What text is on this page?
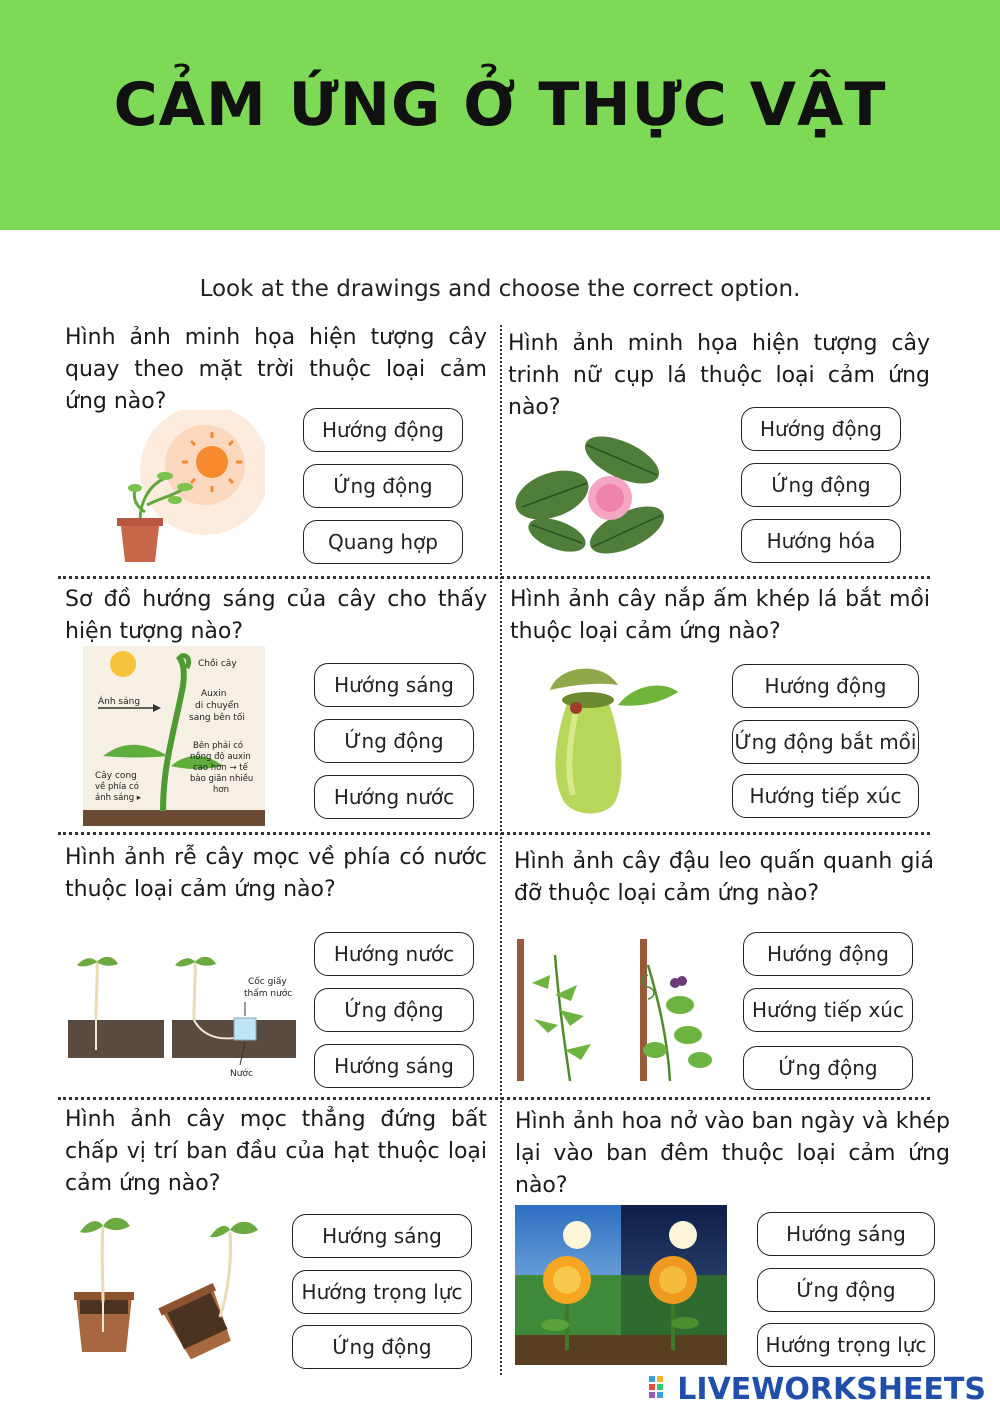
CẢM ỨNG Ở THỰC VẬT
Look at the drawings and choose the correct option.
Hình ảnh minh họa hiện tượng cây quay theo mặt trời thuộc loại cảm ứng nào?
Hướng động
Ứng động
Quang hợp
Hình ảnh minh họa hiện tượng cây trinh nữ cụp lá thuộc loại cảm ứng nào?
Hướng động
Ứng động
Hướng hóa
Sơ đồ hướng sáng của cây cho thấy hiện tượng nào?
Chồi cây
Ánh sáng
Auxin
di chuyển
sang bên tối
Bên phải có
nồng độ auxin
cao hơn → tế
bào giãn nhiều
hơn
Cây cong
về phía có
ánh sáng ▸
Hướng sáng
Ứng động
Hướng nước
Hình ảnh cây nắp ấm khép lá bắt mồi thuộc loại cảm ứng nào?
Hướng động
Ứng động bắt mồi
Hướng tiếp xúc
Hình ảnh rễ cây mọc về phía có nước thuộc loại cảm ứng nào?
Cốc giấy
thấm nước
Nước
Hướng nước
Ứng động
Hướng sáng
Hình ảnh cây đậu leo quấn quanh giá đỡ thuộc loại cảm ứng nào?
Hướng động
Hướng tiếp xúc
Ứng động
Hình ảnh cây mọc thẳng đứng bất chấp vị trí ban đầu của hạt thuộc loại cảm ứng nào?
Hướng sáng
Hướng trọng lực
Ứng động
Hình ảnh hoa nở vào ban ngày và khép lại vào ban đêm thuộc loại cảm ứng nào?
Hướng sáng
Ứng động
Hướng trọng lực
LIVEWORKSHEETS
